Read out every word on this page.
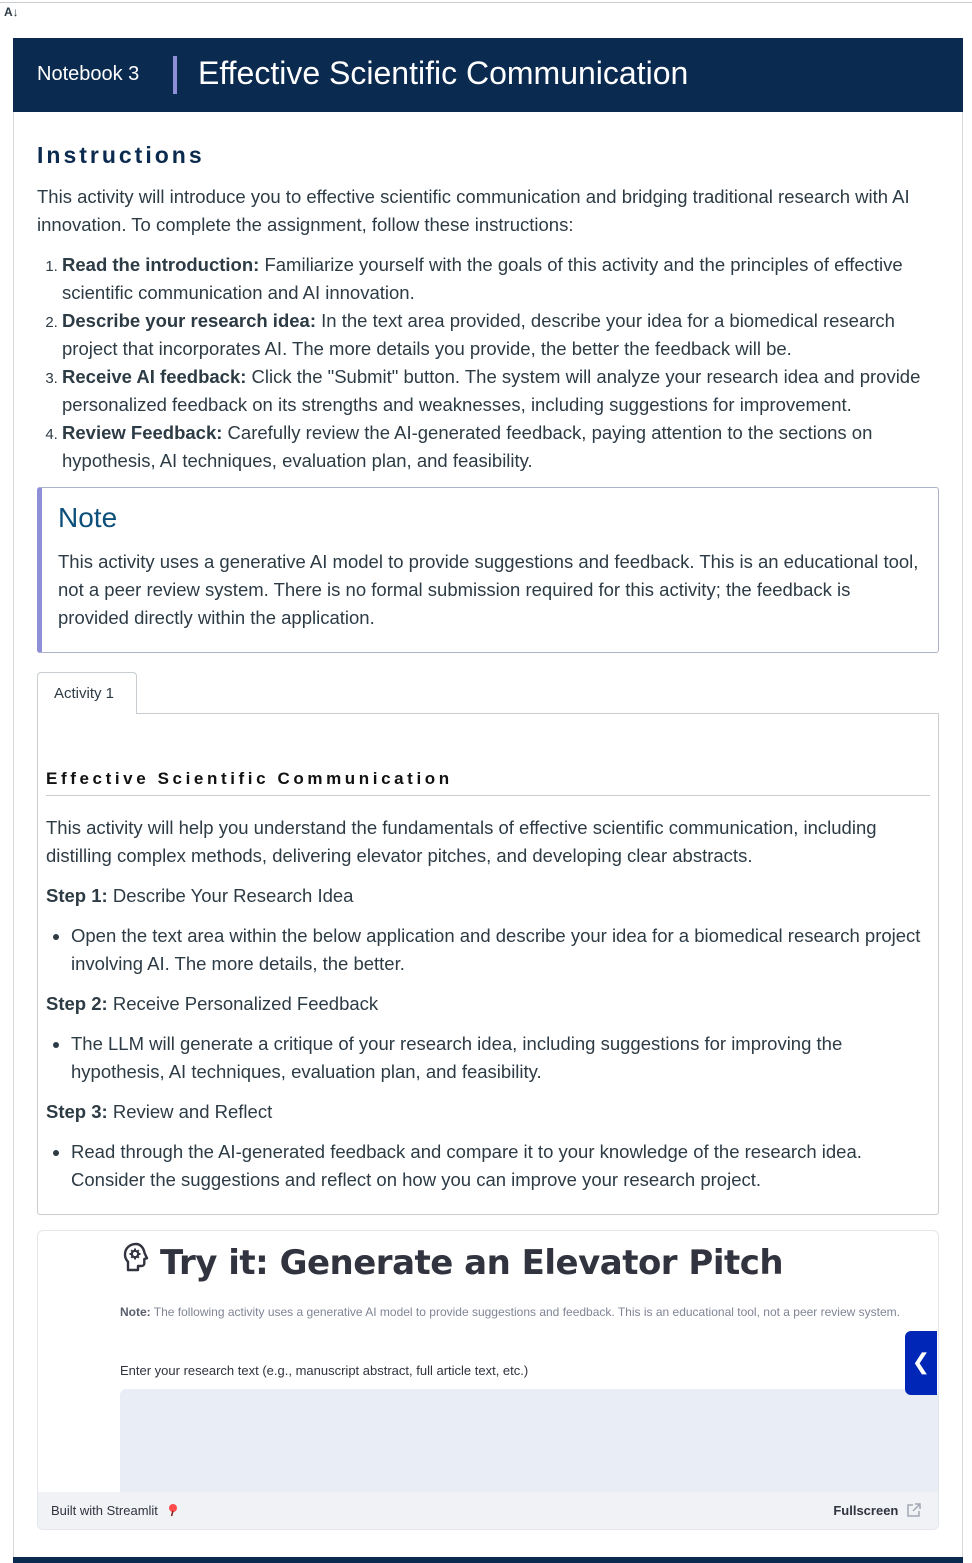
A↓
Notebook 3 Effective Scientific Communication
Instructions

This activity will introduce you to effective scientific communication and bridging traditional research with AI innovation. To complete the assignment, follow these instructions:

1. Read the introduction: Familiarize yourself with the goals of this activity and the principles of effective scientific communication and AI innovation.
2. Describe your research idea: In the text area provided, describe your idea for a biomedical research project that incorporates AI. The more details you provide, the better the feedback will be.
3. Receive AI feedback: Click the "Submit" button. The system will analyze your research idea and provide personalized feedback on its strengths and weaknesses, including suggestions for improvement.
4. Review Feedback: Carefully review the AI-generated feedback, paying attention to the sections on hypothesis, AI techniques, evaluation plan, and feasibility.
Note
This activity uses a generative AI model to provide suggestions and feedback. This is an educational tool, not a peer review system. There is no formal submission required for this activity; the feedback is provided directly within the application.
Activity 1
Effective Scientific Communication

This activity will help you understand the fundamentals of effective scientific communication, including distilling complex methods, delivering elevator pitches, and developing clear abstracts.

Step 1: Describe Your Research Idea
• Open the text area within the below application and describe your idea for a biomedical research project involving AI. The more details, the better.
Step 2: Receive Personalized Feedback
• The LLM will generate a critique of your research idea, including suggestions for improving the hypothesis, AI techniques, evaluation plan, and feasibility.
Step 3: Review and Reflect
• Read through the AI-generated feedback and compare it to your knowledge of the research idea. Consider the suggestions and reflect on how you can improve your research project.
Try it: Generate an Elevator Pitch
Note: The following activity uses a generative AI model to provide suggestions and feedback. This is an educational tool, not a peer review system.
Enter your research text (e.g., manuscript abstract, full article text, etc.)
Built with Streamlit	Fullscreen
❮
